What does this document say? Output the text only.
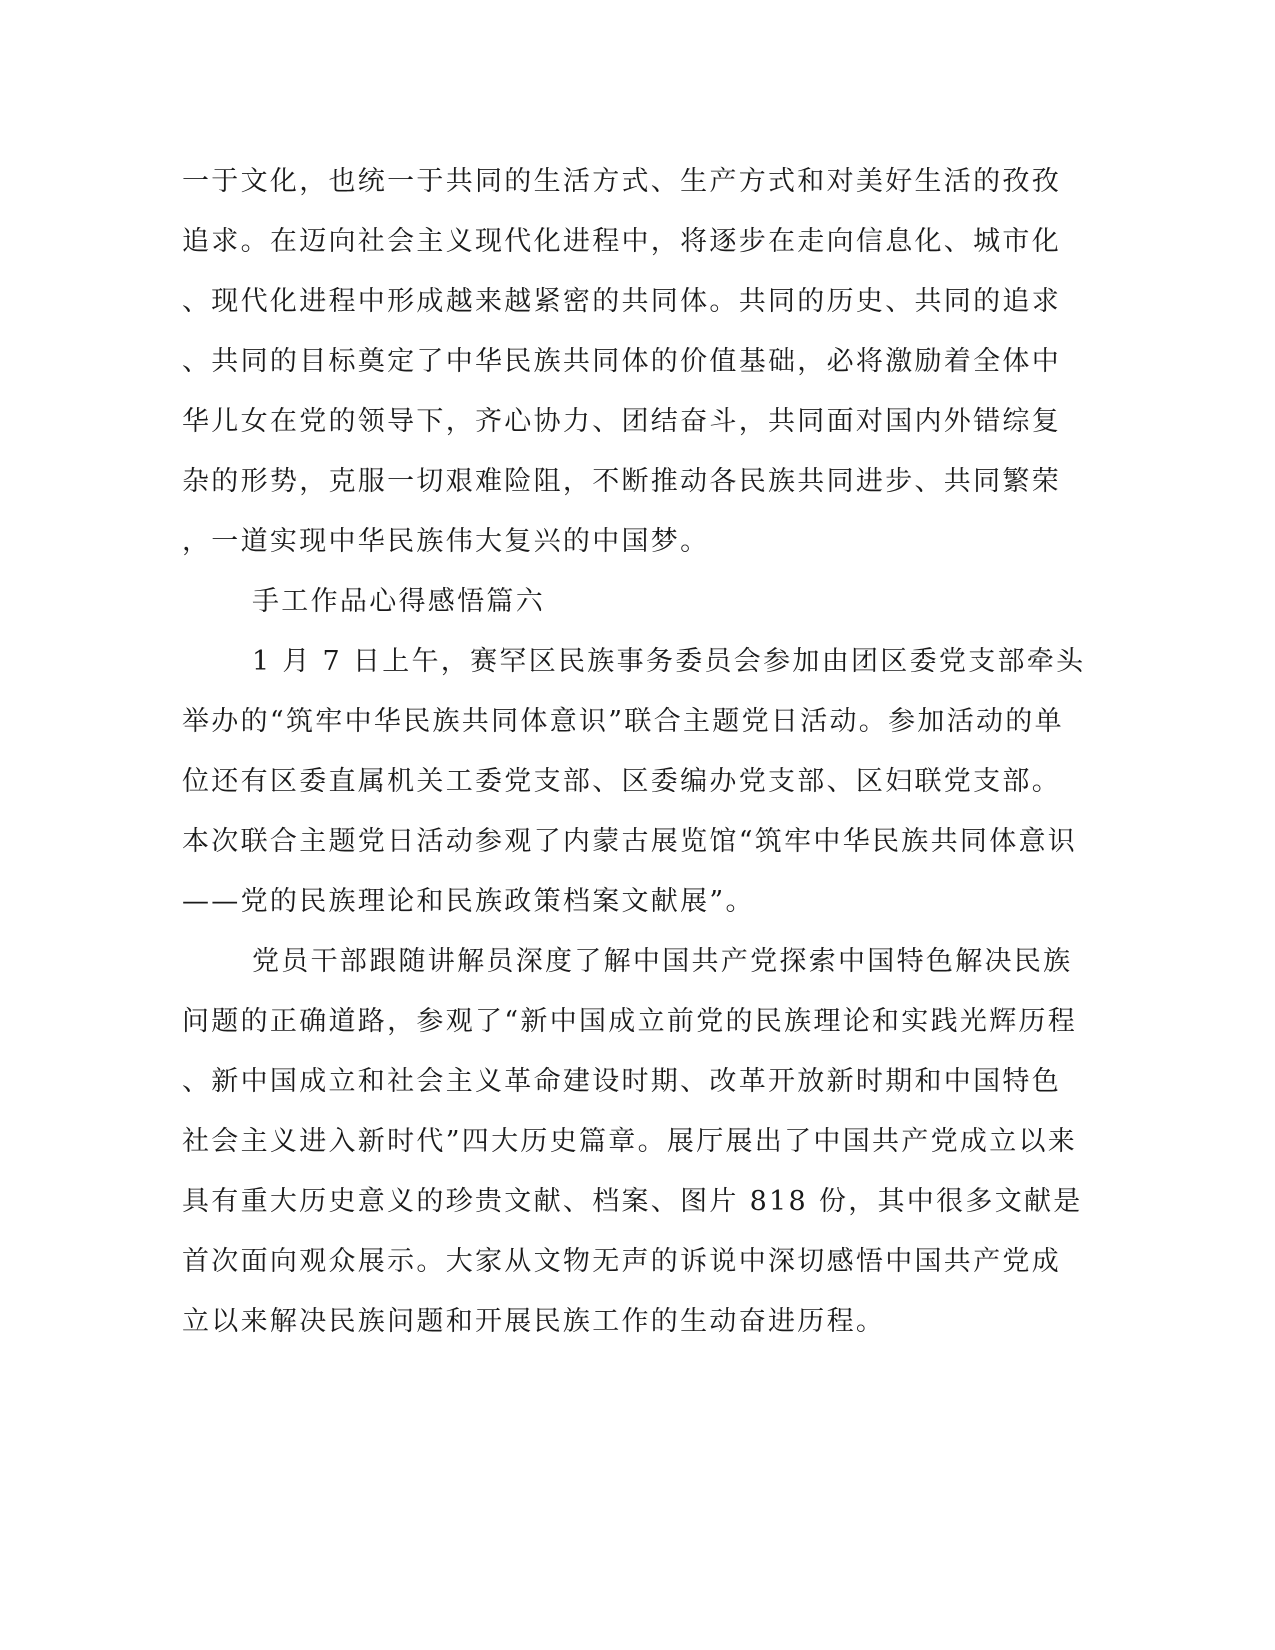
一于文化，也统一于共同的生活方式、生产方式和对美好生活的孜孜
追求。在迈向社会主义现代化进程中，将逐步在走向信息化、城市化
、现代化进程中形成越来越紧密的共同体。共同的历史、共同的追求
、共同的目标奠定了中华民族共同体的价值基础，必将激励着全体中
华儿女在党的领导下，齐心协力、团结奋斗，共同面对国内外错综复
杂的形势，克服一切艰难险阻，不断推动各民族共同进步、共同繁荣
，一道实现中华民族伟大复兴的中国梦。
手工作品心得感悟篇六
1 月 7 日上午，赛罕区民族事务委员会参加由团区委党支部牵头
举办的“筑牢中华民族共同体意识”联合主题党日活动。参加活动的单
位还有区委直属机关工委党支部、区委编办党支部、区妇联党支部。
本次联合主题党日活动参观了内蒙古展览馆“筑牢中华民族共同体意识
——党的民族理论和民族政策档案文献展”。
党员干部跟随讲解员深度了解中国共产党探索中国特色解决民族
问题的正确道路，参观了“新中国成立前党的民族理论和实践光辉历程
、新中国成立和社会主义革命建设时期、改革开放新时期和中国特色
社会主义进入新时代”四大历史篇章。展厅展出了中国共产党成立以来
具有重大历史意义的珍贵文献、档案、图片 818 份，其中很多文献是
首次面向观众展示。大家从文物无声的诉说中深切感悟中国共产党成
立以来解决民族问题和开展民族工作的生动奋进历程。
